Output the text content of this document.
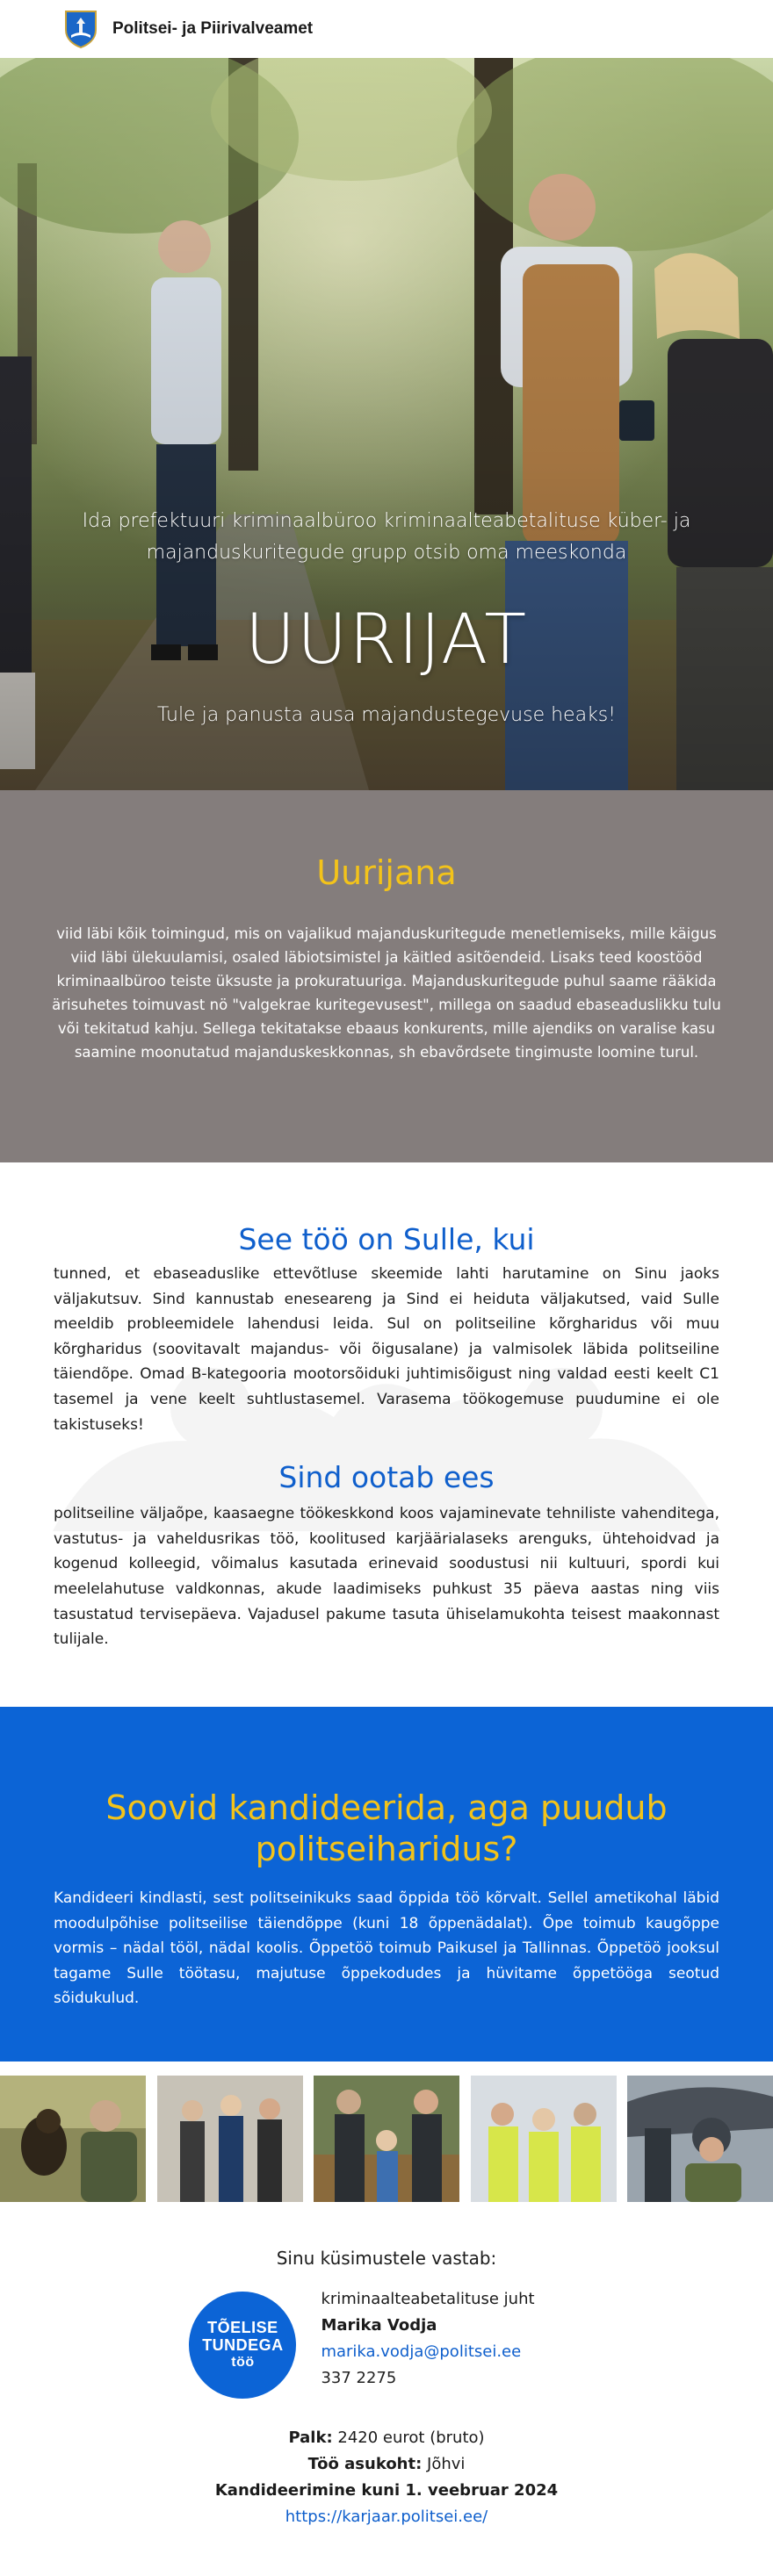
Politsei- ja Piirivalveamet

Ida prefektuuri kriminaalbüroo kriminaalteabetalituse küber- ja majanduskuritegude grupp otsib oma meeskonda

UURIJAT

Tule ja panusta ausa majandustegevuse heaks!

Uurijana

viid läbi kõik toimingud, mis on vajalikud majanduskuritegude menetlemiseks, mille käigus viid läbi ülekuulamisi, osaled läbiotsimistel ja käitled asitõendeid. Lisaks teed koostööd kriminaalbüroo teiste üksuste ja prokuratuuriga. Majanduskuritegude puhul saame rääkida ärisuhetes toimuvast nö "valgekrae kuritegevusest", millega on saadud ebaseaduslikku tulu või tekitatud kahju. Sellega tekitatakse ebaaus konkurents, mille ajendiks on varalise kasu saamine moonutatud majanduskeskkonnas, sh ebavõrdsete tingimuste loomine turul.

See töö on Sulle, kui

tunned, et ebaseaduslike ettevõtluse skeemide lahti harutamine on Sinu jaoks väljakutsuv. Sind kannustab eneseareng ja Sind ei heiduta väljakutsed, vaid Sulle meeldib probleemidele lahendusi leida. Sul on politseiline kõrgharidus või muu kõrgharidus (soovitavalt majandus- või õigusalane) ja valmisolek läbida politseiline täiendõpe. Omad B-kategooria mootorsõiduki juhtimisõigust ning valdad eesti keelt C1 tasemel ja vene keelt suhtlustasemel. Varasema töökogemuse puudumine ei ole takistuseks!

Sind ootab ees

politseiline väljaõpe, kaasaegne töökeskkond koos vajaminevate tehniliste vahenditega, vastutus- ja vaheldusrikas töö, koolitused karjäärialaseks arenguks, ühtehoidvad ja kogenud kolleegid, võimalus kasutada erinevaid soodustusi nii kultuuri, spordi kui meelelahutuse valdkonnas, akude laadimiseks puhkust 35 päeva aastas ning viis tasustatud tervisepäeva. Vajadusel pakume tasuta ühiselamukohta teisest maakonnast tulijale.

Soovid kandideerida, aga puudub politseiharidus?

Kandideeri kindlasti, sest politseinikuks saad õppida töö kõrvalt. Sellel ametikohal läbid moodulpõhise politseilise täiendõppe (kuni 18 õppenädalat). Õpe toimub kaugõppe vormis – nädal tööl, nädal koolis. Õppetöö toimub Paikusel ja Tallinnas. Õppetöö jooksul tagame Sulle töötasu, majutuse õppekodudes ja hüvitame õppetööga seotud sõidukulud.

Sinu küsimustele vastab:

TÕELISE
TUNDEGA
töö
kriminaalteabetalituse juht
Marika Vodja
marika.vodja@politsei.ee
337 2275
Palk: 2420 eurot (bruto)
Töö asukoht: Jõhvi
Kandideerimine kuni 1. veebruar 2024
https://karjaar.politsei.ee/
